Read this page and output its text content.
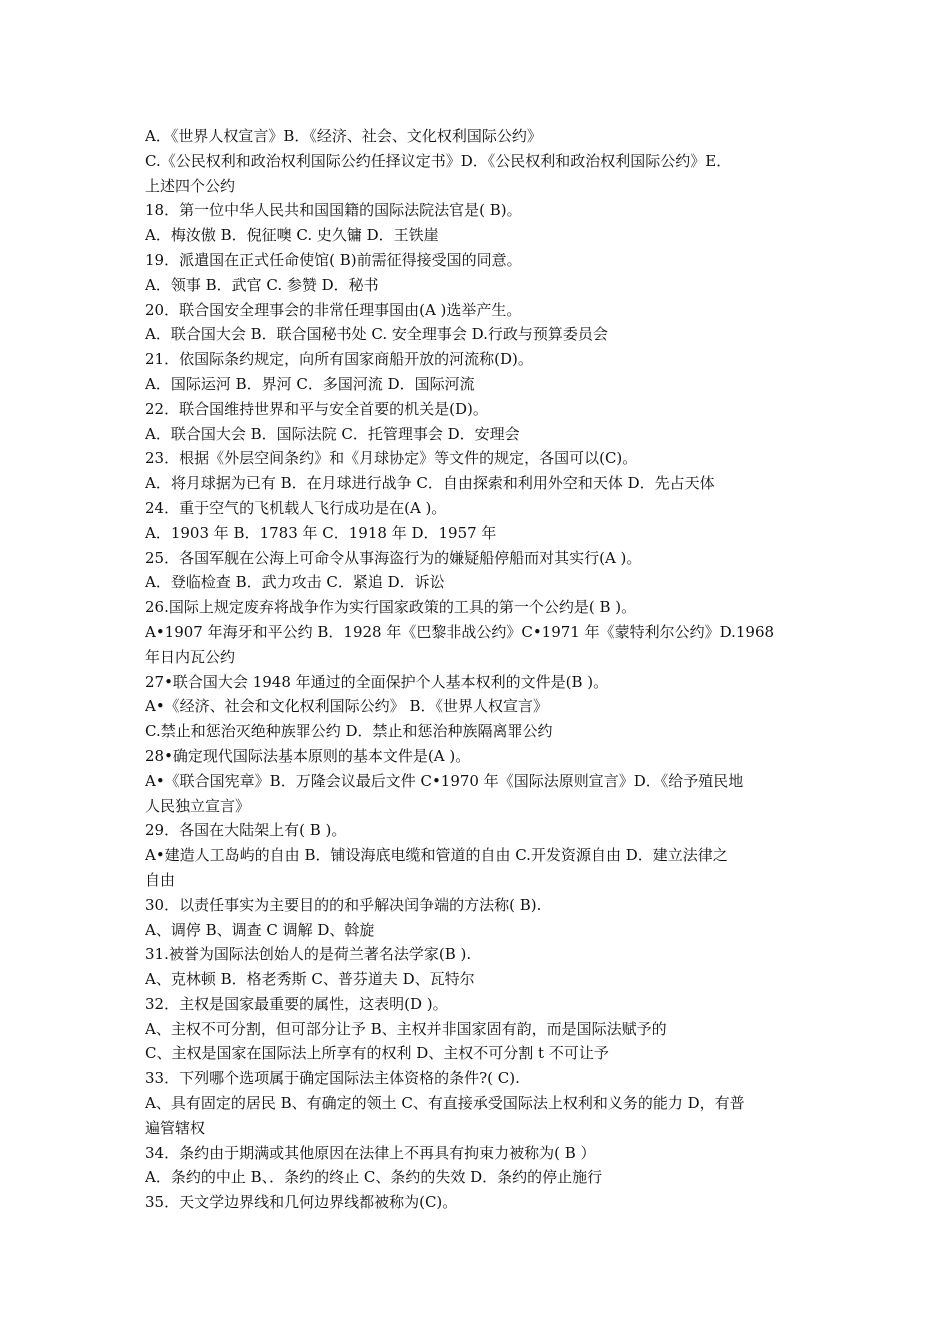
A．《世界人权宣言》B．《经济、社会、文化权利国际公约》
C.《公民权利和政治权利国际公约任择议定书》D．《公民权利和政治权利国际公约》E．
上述四个公约
18．第一位中华人民共和国国籍的国际法院法官是( B)。
A．梅汝傲 B．倪征噢 C. 史久镛 D．王铁崖
19．派遣国在正式任命使馆( B)前需征得接受国的同意。
A．领事 B．武官 C. 参赞 D．秘书
20．联合国安全理事会的非常任理事国由(A )选举产生。
A．联合国大会 B．联合国秘书处 C. 安全理事会 D.行政与预算委员会
21．依国际条约规定，向所有国家商船开放的河流称(D)。
A．国际运河 B．界河 C．多国河流 D．国际河流
22．联合国维持世界和平与安全首要的机关是(D)。
A．联合国大会 B．国际法院 C．托管理事会 D．安理会
23．根据《外层空间条约》和《月球协定》等文件的规定，各国可以(C)。
A．将月球据为已有 B．在月球进行战争 C．自由探索和利用外空和天体 D．先占天体
24．重于空气的飞机载人飞行成功是在(A )。
A．1903 年 B．1783 年 C．1918 年 D．1957 年
25．各国军舰在公海上可命令从事海盗行为的嫌疑船停船而对其实行(A )。
A．登临检查 B．武力攻击 C．紧追 D．诉讼
26.国际上规定废弃将战争作为实行国家政策的工具的第一个公约是( B )。
A•1907 年海牙和平公约 B．1928 年《巴黎非战公约》C•1971 年《蒙特利尔公约》D.1968
年日内瓦公约
27•联合国大会 1948 年通过的全面保护个人基本权利的文件是(B )。
A•《经济、社会和文化权利国际公约》 B．《世界人权宣言》
C.禁止和惩治灭绝种族罪公约 D．禁止和惩治种族隔离罪公约
28•确定现代国际法基本原则的基本文件是(A )。
A•《联合国宪章》B．万隆会议最后文件 C•1970 年《国际法原则宣言》D．《给予殖民地
人民独立宣言》
29．各国在大陆架上有( B )。
A•建造人工岛屿的自由 B．铺设海底电缆和管道的自由 C.开发资源自由 D．建立法律之
自由
30．以责任事实为主要目的的和乎解决闰争端的方法称( B).
A、调停 B、调查 C 调解 D、斡旋
31.被誉为国际法创始人的是荷兰著名法学家(B ).
A、克林顿 B．格老秀斯 C、普芬道夫 D、瓦特尔
32．主权是国家最重要的属性，这表明(D )。
A、主权不可分割，但可部分让予 B、主权并非国家固有韵，而是国际法赋予的
C、主权是国家在国际法上所享有的权利 D、主权不可分割 t 不可让予
33．下列哪个选项属于确定国际法主体资格的条件?( C).
A、具有固定的居民 B、有确定的领土 C、有直接承受国际法上权利和义务的能力 D，有普
遍管辖权
34．条约由于期满或其他原因在法律上不再具有拘束力被称为( B ）
A．条约的中止 B、．条约的终止 C、条约的失效 D．条约的停止施行
35．天文学边界线和几何边界线都被称为(C)。
